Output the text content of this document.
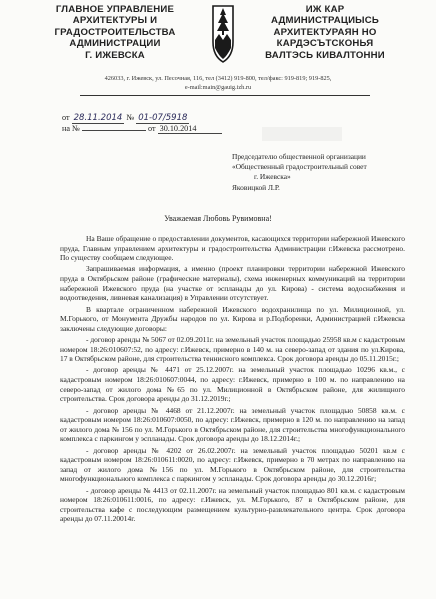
ГЛАВНОЕ УПРАВЛЕНИЕ
АРХИТЕКТУРЫ И
ГРАДОСТРОИТЕЛЬСТВА
АДМИНИСТРАЦИИ
Г. ИЖЕВСКА
ИЖ КАР
АДМИНИСТРАЦИЫСЬ
АРХИТЕКТУРАЯН НО
КАРДЭСЪТСКОНЬЯ
ВАЛТЭСЬ КИВАЛТОННИ
426033, г. Ижевск, ул. Песочная, 116, тел (3412) 919-800, тел/факс: 919-819; 919-825,
e-mail:main@gauig.izh.ru
от 28.11.2014 № 01-07/5918
на №	от 30.10.2014
Председателю общественной организации
«Общественный градостроительный совет
г. Ижевска»
Яковицкой Л.Р.
Уважаемая Любовь Рувимовна!

На Ваше обращение о предоставлении документов, касающихся территории набережной Ижевского пруда, Главным управлением архитектуры и градостроительства Администрации г.Ижевска рассмотрено. По существу сообщаем следующее.

Запрашиваемая информация, а именно (проект планировки территории набережной Ижевского пруда в Октябрьском районе (графические материалы), схема инженерных коммуникаций на территории набережной Ижевского пруда (на участке от эспланады до ул. Кирова) - система водоснабжения и водоотведения, ливневая канализация) в Управлении отсутствует.

В квартале ограниченном набережной Ижевского водохранилища по ул. Милиционной, ул. М.Горького, от Монумента Дружбы народов по ул. Кирова и р.Подборенки, Администрацией г.Ижевска заключены следующие договоры:

- договор аренды № 5067 от 02.09.2011г. на земельный участок площадью 25958 кв.м с кадастровым номером 18:26:010607:52, по адресу: г.Ижевск, примерно в 140 м. на северо-запад от здания по ул.Кирова, 17 в Октябрьском районе, для строительства теннисного комплекса. Срок договора аренды до 05.11.2015г.;

- договор аренды № 4471 от 25.12.2007г. на земельный участок площадью 10296 кв.м., с кадастровым номером 18:26:010607:0044, по адресу: г.Ижевск, примерно в 100 м. по направлению на северо-запад от жилого дома №65 по ул. Милиционной в Октябрьском районе, для жилищного строительства. Срок договора аренды до 31.12.2019г.;

- договор аренды № 4468 от 21.12.2007г. на земельный участок площадью 50858 кв.м. с кадастровым номером 18:26:010607:0050, по адресу: г.Ижевск, примерно в 120 м. по направлению на запад от жилого дома № 156 по ул. М.Горького в Октябрьском районе, для строительства многофункционального комплекса с паркингом у эспланады. Срок договора аренды до 18.12.2014г.;

- договор аренды № 4202 от 26.02.2007г. на земельный участок площадью 50201 кв.м с кадастровым номером 18:26:010611:0020, по адресу: г.Ижевск, примерно в 70 метрах по направлению на запад от жилого дома №156 по ул. М.Горького в Октябрьском районе, для строительства многофункционального комплекса с паркингом у эспланады. Срок договора аренды до 30.12.2016г;

- договор аренды № 4413 от 02.11.2007г. на земельный участок площадью 801 кв.м. с кадастровым номером 18:26:010611:0016, по адресу: г.Ижевск, ул. М.Горького, 87 в Октябрьском районе, для строительства кафе с последующим размещением культурно-развлекательного центра. Срок договора аренды до 07.11.20014г.
